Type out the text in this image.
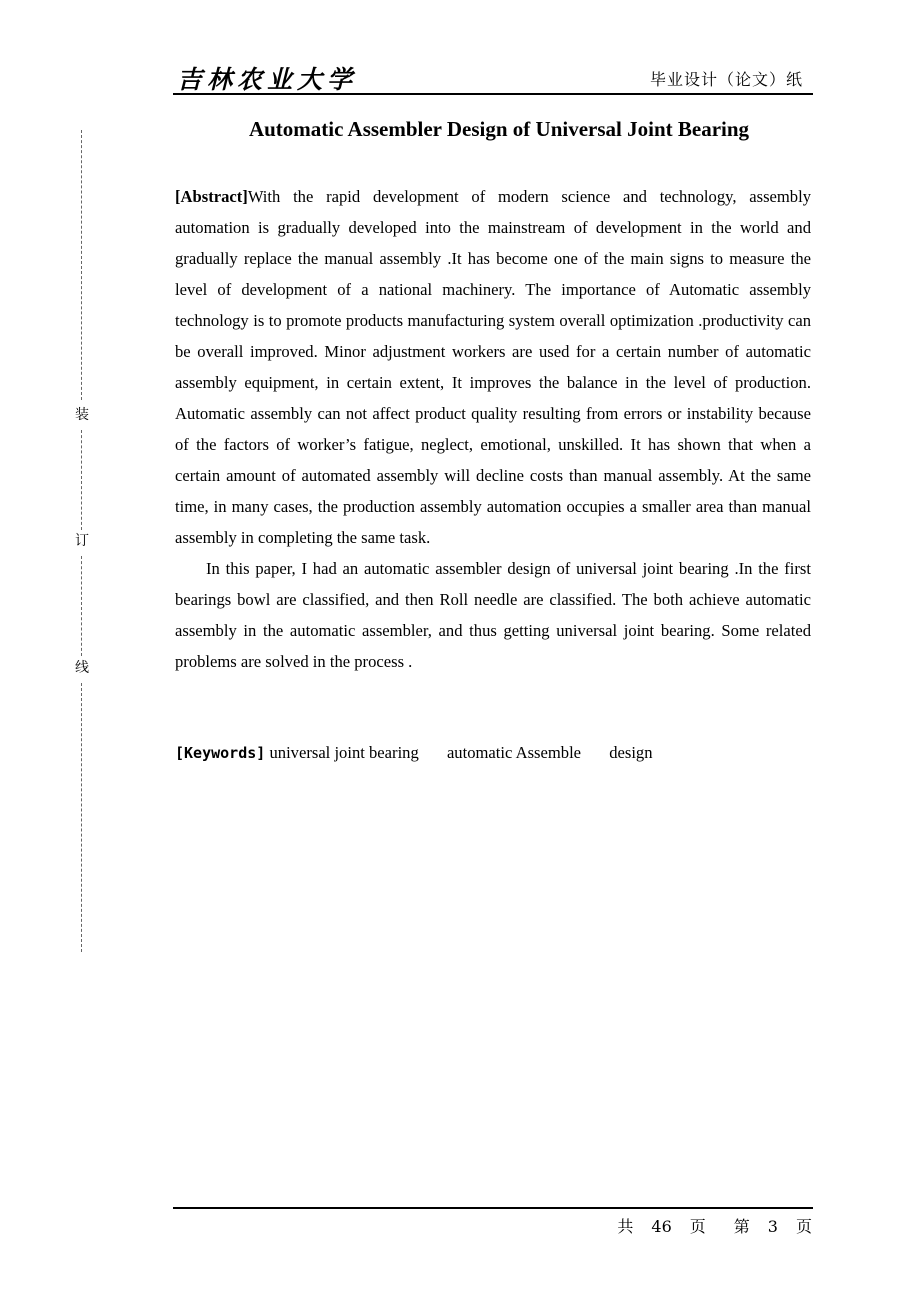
装
订
线
吉林农业大学	毕业设计（论文）纸
Automatic Assembler Design of Universal Joint Bearing

[Abstract]With the rapid development of modern science and technology, assembly automation is gradually developed into the mainstream of development in the world and gradually replace the manual assembly .It has become one of the main signs to measure the level of development of a national machinery. The importance of Automatic assembly technology is to promote products manufacturing system overall optimization .productivity can be overall improved. Minor adjustment workers are used for a certain number of automatic assembly equipment, in certain extent, It improves the balance in the level of production. Automatic assembly can not affect product quality resulting from errors or instability because of the factors of worker’s fatigue, neglect, emotional, unskilled. It has shown that when a certain amount of automated assembly will decline costs than manual assembly. At the same time, in many cases, the production assembly automation occupies a smaller area than manual assembly in completing the same task.

In this paper, I had an automatic assembler design of universal joint bearing .In the first bearings bowl are classified, and then Roll needle are classified. The both achieve automatic assembly in the automatic assembler, and thus getting universal joint bearing. Some related problems are solved in the process .

[Keywords] universal joint bearing automatic Assemble design
共 46 页 第 3 页
